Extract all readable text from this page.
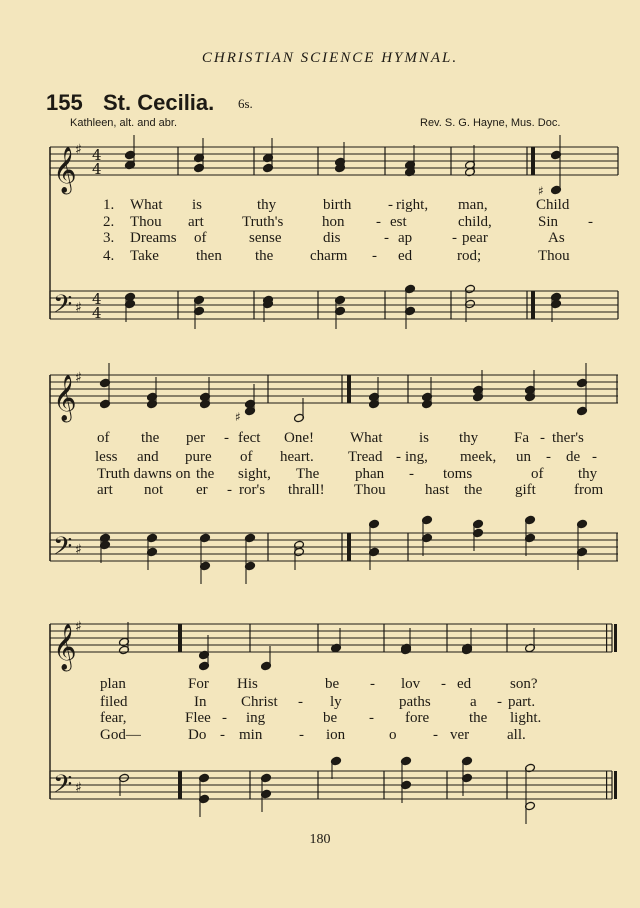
CHRISTIAN SCIENCE HYMNAL.
155 St. Cecilia. 6s.
Kathleen, alt. and abr.	Rev. S. G. Hayne, Mus. Doc.
𝄞
𝄢
♯
♯
4
4
4
4
𝄞
𝄢
♯
♯
𝄞
𝄢
♯
♯
♯
♯
1. What is	thy	birth - right, man,	Child
2. Thou art	Truth's	hon - est	child,	Sin -
3. Dreams of	sense	dis	- ap	- pear	As
4. Take then the charm - ed	rod;	Thou
of the per - fect One! What is thy Fa - ther's
less and pure of heart. Tread - ing, meek, un - de -
Truth dawns on the sight, The phan - toms	of thy
art not er - ror's thrall! Thou	hast the gift	from
plan	For His	be - lov - ed	son?
filed	In Christ - ly	paths	a - part.
fear,	Flee - ing	be - fore	the light.
God—	Do - min - ion	o - ver	all.
180
